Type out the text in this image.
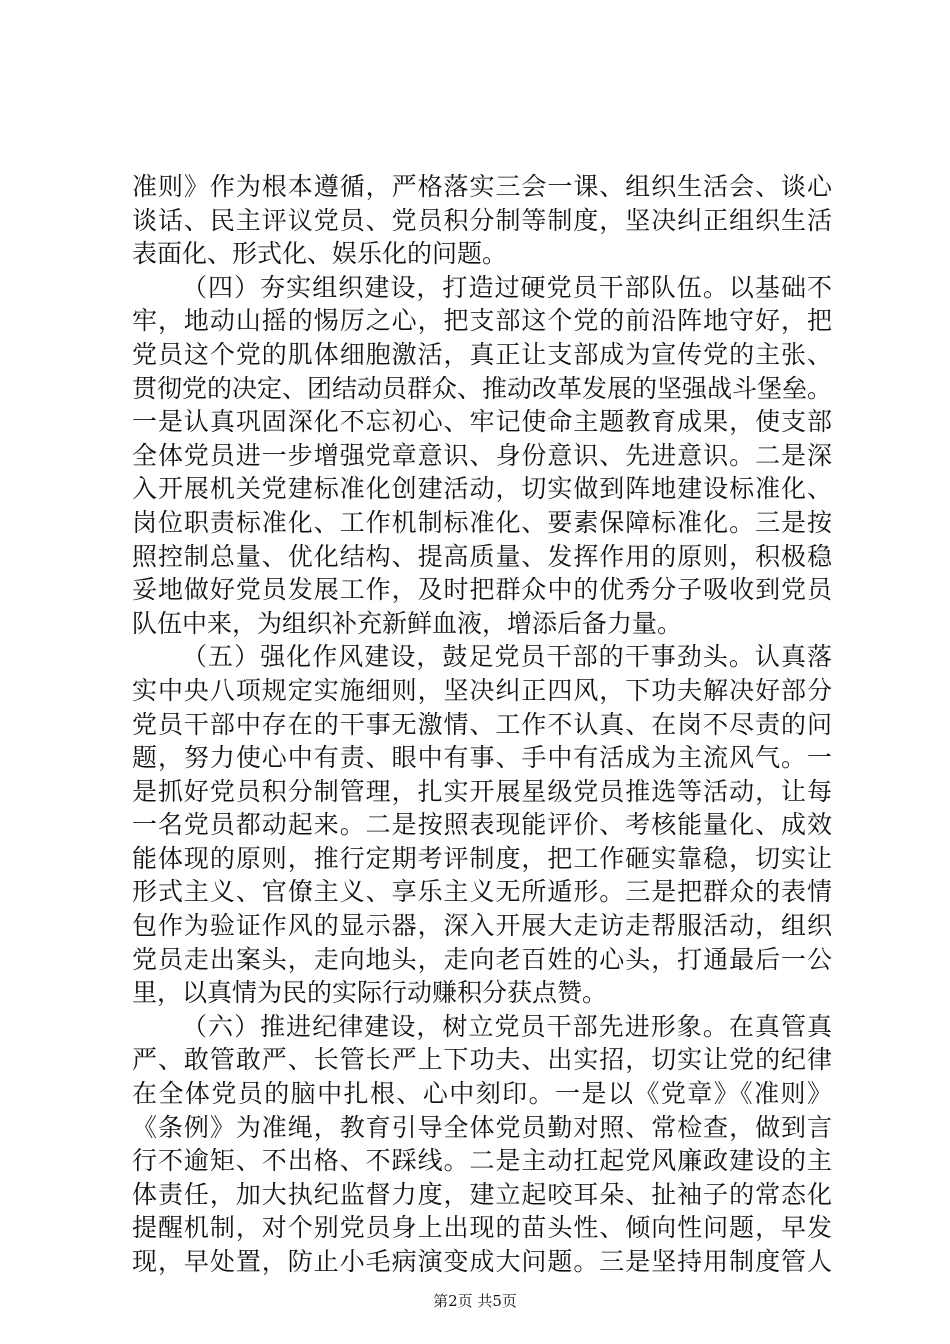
准则》作为根本遵循，严格落实三会一课、组织生活会、谈心
谈话、民主评议党员、党员积分制等制度，坚决纠正组织生活
表面化、形式化、娱乐化的问题。
（四）夯实组织建设，打造过硬党员干部队伍。以基础不
牢，地动山摇的惕厉之心，把支部这个党的前沿阵地守好，把
党员这个党的肌体细胞激活，真正让支部成为宣传党的主张、
贯彻党的决定、团结动员群众、推动改革发展的坚强战斗堡垒。
一是认真巩固深化不忘初心、牢记使命主题教育成果，使支部
全体党员进一步增强党章意识、身份意识、先进意识。二是深
入开展机关党建标准化创建活动，切实做到阵地建设标准化、
岗位职责标准化、工作机制标准化、要素保障标准化。三是按
照控制总量、优化结构、提高质量、发挥作用的原则，积极稳
妥地做好党员发展工作，及时把群众中的优秀分子吸收到党员
队伍中来，为组织补充新鲜血液，增添后备力量。
（五）强化作风建设，鼓足党员干部的干事劲头。认真落
实中央八项规定实施细则，坚决纠正四风，下功夫解决好部分
党员干部中存在的干事无激情、工作不认真、在岗不尽责的问
题，努力使心中有责、眼中有事、手中有活成为主流风气。一
是抓好党员积分制管理，扎实开展星级党员推选等活动，让每
一名党员都动起来。二是按照表现能评价、考核能量化、成效
能体现的原则，推行定期考评制度，把工作砸实靠稳，切实让
形式主义、官僚主义、享乐主义无所遁形。三是把群众的表情
包作为验证作风的显示器，深入开展大走访走帮服活动，组织
党员走出案头，走向地头，走向老百姓的心头，打通最后一公
里，以真情为民的实际行动赚积分获点赞。
（六）推进纪律建设，树立党员干部先进形象。在真管真
严、敢管敢严、长管长严上下功夫、出实招，切实让党的纪律
在全体党员的脑中扎根、心中刻印。一是以《党章》《准则》
《条例》为准绳，教育引导全体党员勤对照、常检查，做到言
行不逾矩、不出格、不踩线。二是主动扛起党风廉政建设的主
体责任，加大执纪监督力度，建立起咬耳朵、扯袖子的常态化
提醒机制，对个别党员身上出现的苗头性、倾向性问题，早发
现，早处置，防止小毛病演变成大问题。三是坚持用制度管人
第2页 共5页
